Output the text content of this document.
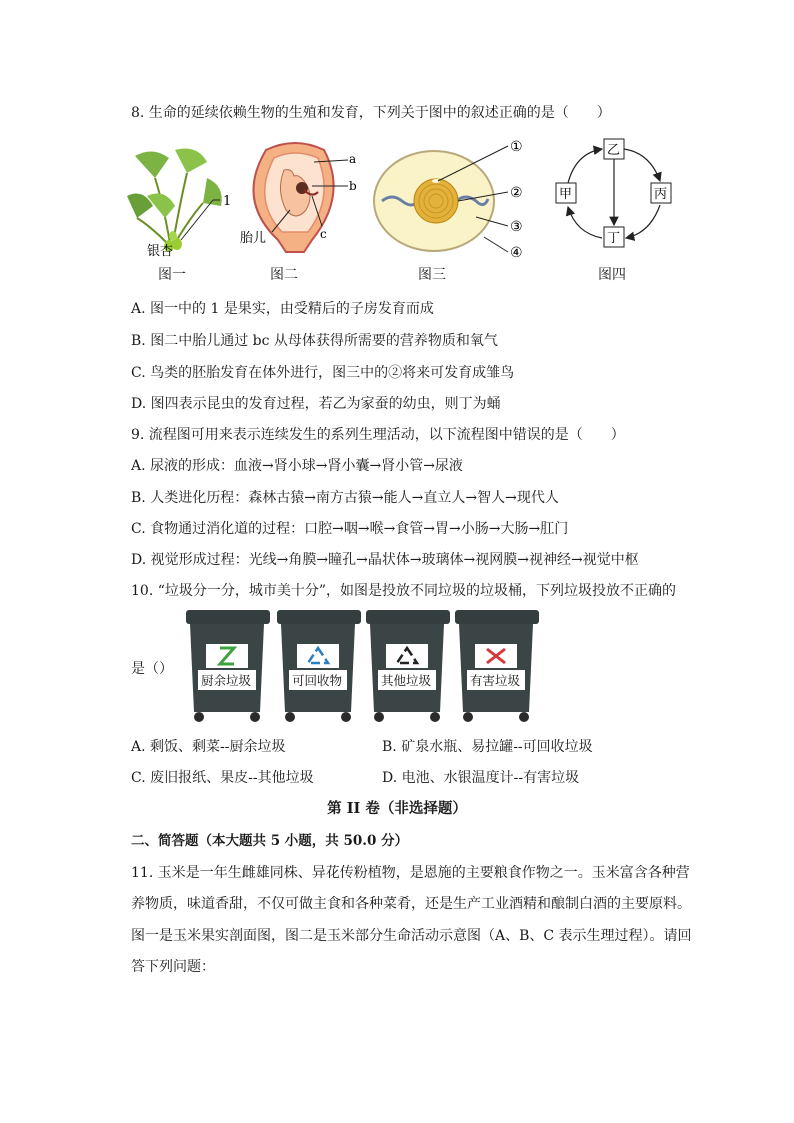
8. 生命的延续依赖生物的生殖和发育，下列关于图中的叙述正确的是（　　）
1
银杏
图一
a
b
c
胎儿
图二
①
②
③
④
图三
乙
甲	丙
丁
图四
A. 图一中的 1 是果实，由受精后的子房发育而成
B. 图二中胎儿通过 bc 从母体获得所需要的营养物质和氧气
C. 鸟类的胚胎发育在体外进行，图三中的②将来可发育成雏鸟
D. 图四表示昆虫的发育过程，若乙为家蚕的幼虫，则丁为蛹
9. 流程图可用来表示连续发生的系列生理活动，以下流程图中错误的是（　　）
A. 尿液的形成：血液→肾小球→肾小囊→肾小管→尿液
B. 人类进化历程：森林古猿→南方古猿→能人→直立人→智人→现代人
C. 食物通过消化道的过程：口腔→咽→喉→食管→胃→小肠→大肠→肛门
D. 视觉形成过程：光线→角膜→瞳孔→晶状体→玻璃体→视网膜→视神经→视觉中枢
10. “垃圾分一分，城市美十分”，如图是投放不同垃圾的垃圾桶，下列垃圾投放不正确的
是（）
厨余垃圾	可回收物	其他垃圾	有害垃圾
A. 剩饭、剩菜--厨余垃圾	B. 矿泉水瓶、易拉罐--可回收垃圾
C. 废旧报纸、果皮--其他垃圾	D. 电池、水银温度计--有害垃圾
第 II 卷（非选择题）
二、简答题（本大题共 5 小题，共 50.0 分）
11. 玉米是一年生雌雄同株、异花传粉植物，是恩施的主要粮食作物之一。玉米富含各种营
养物质，味道香甜，不仅可做主食和各种菜肴，还是生产工业酒精和酿制白酒的主要原料。
图一是玉米果实剖面图，图二是玉米部分生命活动示意图（A、B、C 表示生理过程）。请回
答下列问题：
